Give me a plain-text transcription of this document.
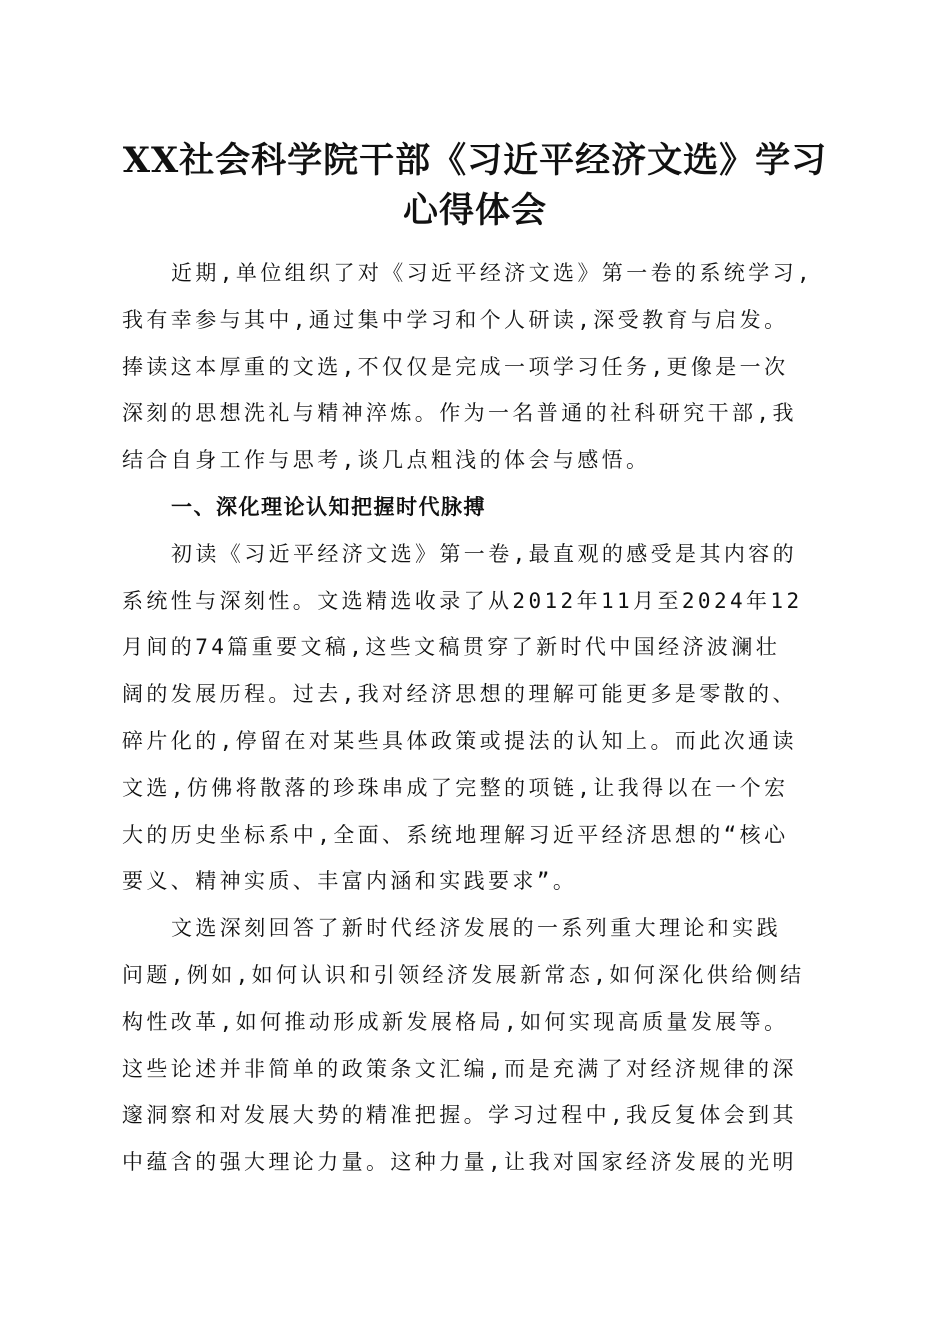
XX社会科学院干部《习近平经济文选》学习
心得体会
近期,单位组织了对《习近平经济文选》第一卷的系统学习,
我有幸参与其中,通过集中学习和个人研读,深受教育与启发。
捧读这本厚重的文选,不仅仅是完成一项学习任务,更像是一次
深刻的思想洗礼与精神淬炼。作为一名普通的社科研究干部,我
结合自身工作与思考,谈几点粗浅的体会与感悟。
一、深化理论认知把握时代脉搏
初读《习近平经济文选》第一卷,最直观的感受是其内容的
系统性与深刻性。文选精选收录了从2012年11月至2024年12
月间的74篇重要文稿,这些文稿贯穿了新时代中国经济波澜壮
阔的发展历程。过去,我对经济思想的理解可能更多是零散的、
碎片化的,停留在对某些具体政策或提法的认知上。而此次通读
文选,仿佛将散落的珍珠串成了完整的项链,让我得以在一个宏
大的历史坐标系中,全面、系统地理解习近平经济思想的“核心
要义、精神实质、丰富内涵和实践要求”。
文选深刻回答了新时代经济发展的一系列重大理论和实践
问题,例如,如何认识和引领经济发展新常态,如何深化供给侧结
构性改革,如何推动形成新发展格局,如何实现高质量发展等。
这些论述并非简单的政策条文汇编,而是充满了对经济规律的深
邃洞察和对发展大势的精准把握。学习过程中,我反复体会到其
中蕴含的强大理论力量。这种力量,让我对国家经济发展的光明
